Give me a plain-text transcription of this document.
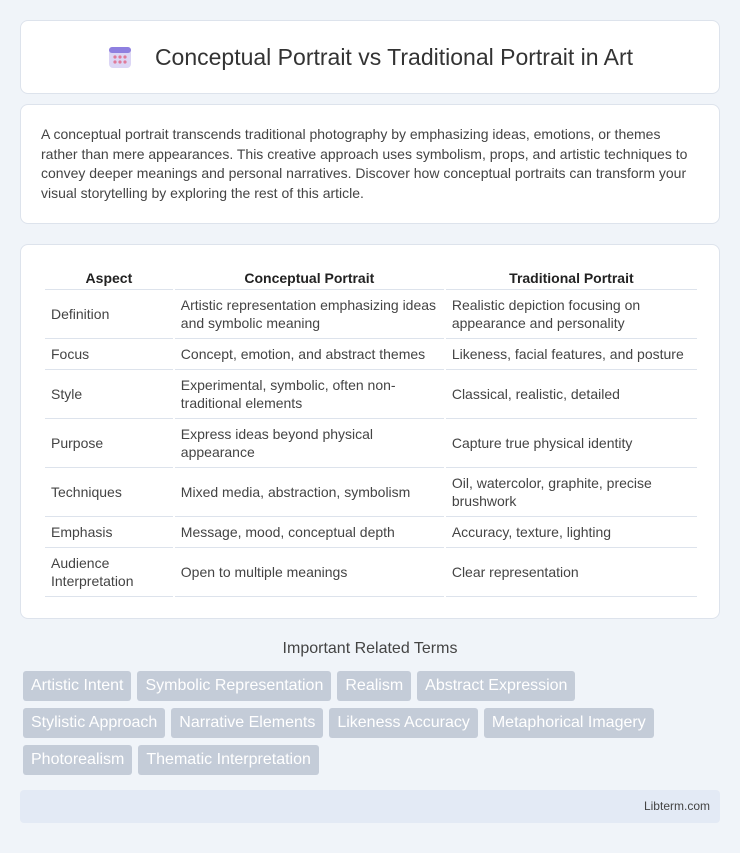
Conceptual Portrait vs Traditional Portrait in Art

A conceptual portrait transcends traditional photography by emphasizing ideas, emotions, or themes rather than mere appearances. This creative approach uses symbolism, props, and artistic techniques to convey deeper meanings and personal narratives. Discover how conceptual portraits can transform your visual storytelling by exploring the rest of this article.

Aspect	Conceptual Portrait	Traditional Portrait
Definition	Artistic representation emphasizing ideas and symbolic meaning	Realistic depiction focusing on appearance and personality
Focus	Concept, emotion, and abstract themes	Likeness, facial features, and posture
Style	Experimental, symbolic, often non-traditional elements	Classical, realistic, detailed
Purpose	Express ideas beyond physical appearance	Capture true physical identity
Techniques	Mixed media, abstraction, symbolism	Oil, watercolor, graphite, precise brushwork
Emphasis	Message, mood, conceptual depth	Accuracy, texture, lighting
Audience Interpretation	Open to multiple meanings	Clear representation
Important Related Terms
Artistic Intent	Symbolic Representation	Realism	Abstract Expression
Stylistic Approach	Narrative Elements	Likeness Accuracy	Metaphorical Imagery
Photorealism	Thematic Interpretation
Libterm.com
